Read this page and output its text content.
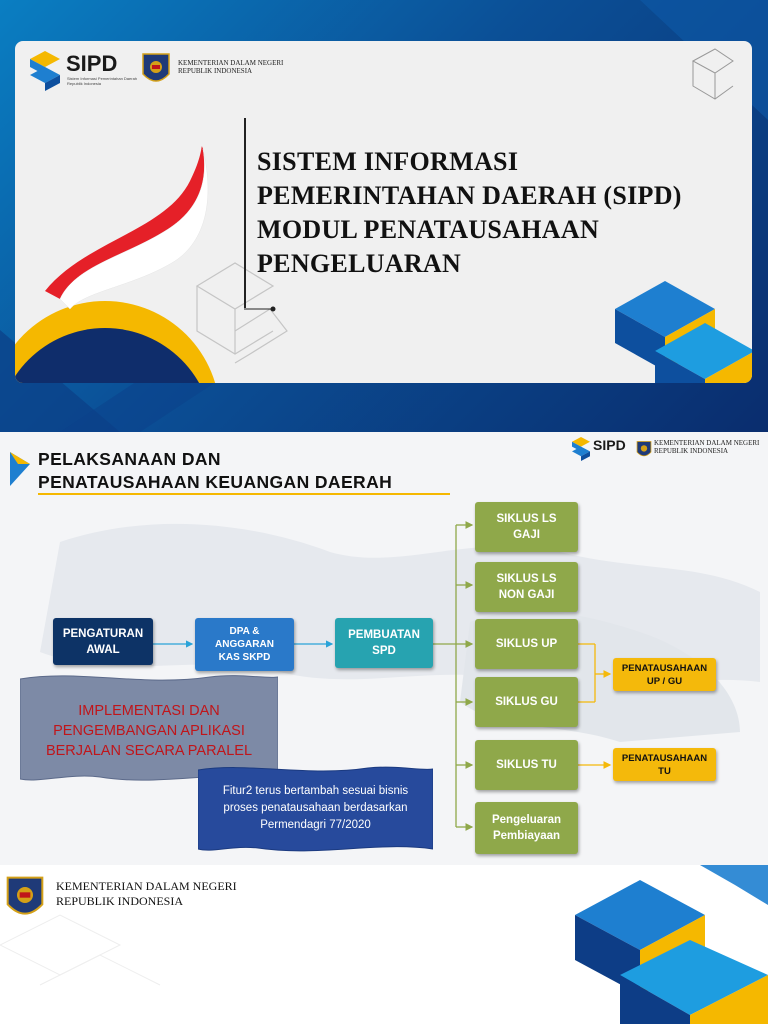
SIPD
Sistem Informasi Pemerintahan Daerah
Republik Indonesia
KEMENTERIAN DALAM NEGERI
REPUBLIK INDONESIA
SISTEM INFORMASI
PEMERINTAHAN DAERAH (SIPD)
MODUL PENATAUSAHAAN
PENGELUARAN
PELAKSANAAN DAN
PENATAUSAHAAN KEUANGAN DAERAH
SIPD	KEMENTERIAN DALAM NEGERI
REPUBLIK INDONESIA
PENGATURAN
AWAL
DPA &
ANGGARAN
KAS SKPD
PEMBUATAN
SPD
SIKLUS LS
GAJI
SIKLUS LS
NON GAJI
SIKLUS UP
SIKLUS GU
SIKLUS TU
Pengeluaran
Pembiayaan
PENATAUSAHAAN
UP / GU
PENATAUSAHAAN
TU
IMPLEMENTASI DAN
PENGEMBANGAN APLIKASI
BERJALAN SECARA PARALEL
Fitur2 terus bertambah sesuai bisnis
proses penatausahaan berdasarkan
Permendagri 77/2020
KEMENTERIAN DALAM NEGERI
REPUBLIK INDONESIA
